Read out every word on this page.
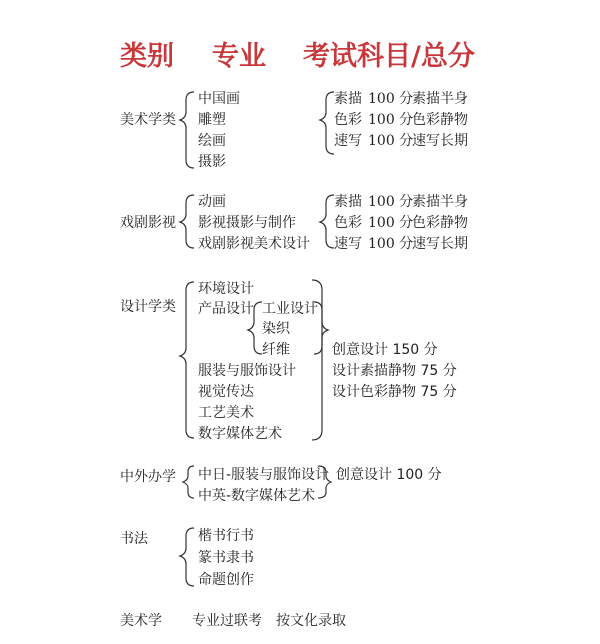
类别 专业 考试科目/总分
美术学类
中国画
雕塑
绘画
摄影
素描 100 分
素描半身
色彩 100 分
色彩静物
速写 100 分
速写长期
戏剧影视
动画
影视摄影与制作
戏剧影视美术设计
素描 100 分
素描半身
色彩 100 分
色彩静物
速写 100 分
速写长期
设计学类
环境设计
产品设计 工业设计
染织
纤维
服装与服饰设计
视觉传达
工艺美术
数字媒体艺术
创意设计 150 分
设计素描静物 75 分
设计色彩静物 75 分
中外办学 中日-服装与服饰设计
中英-数字媒体艺术
创意设计 100 分
书法	楷书行书
篆书隶书
命题创作
美术学 专业过联考 按文化录取
